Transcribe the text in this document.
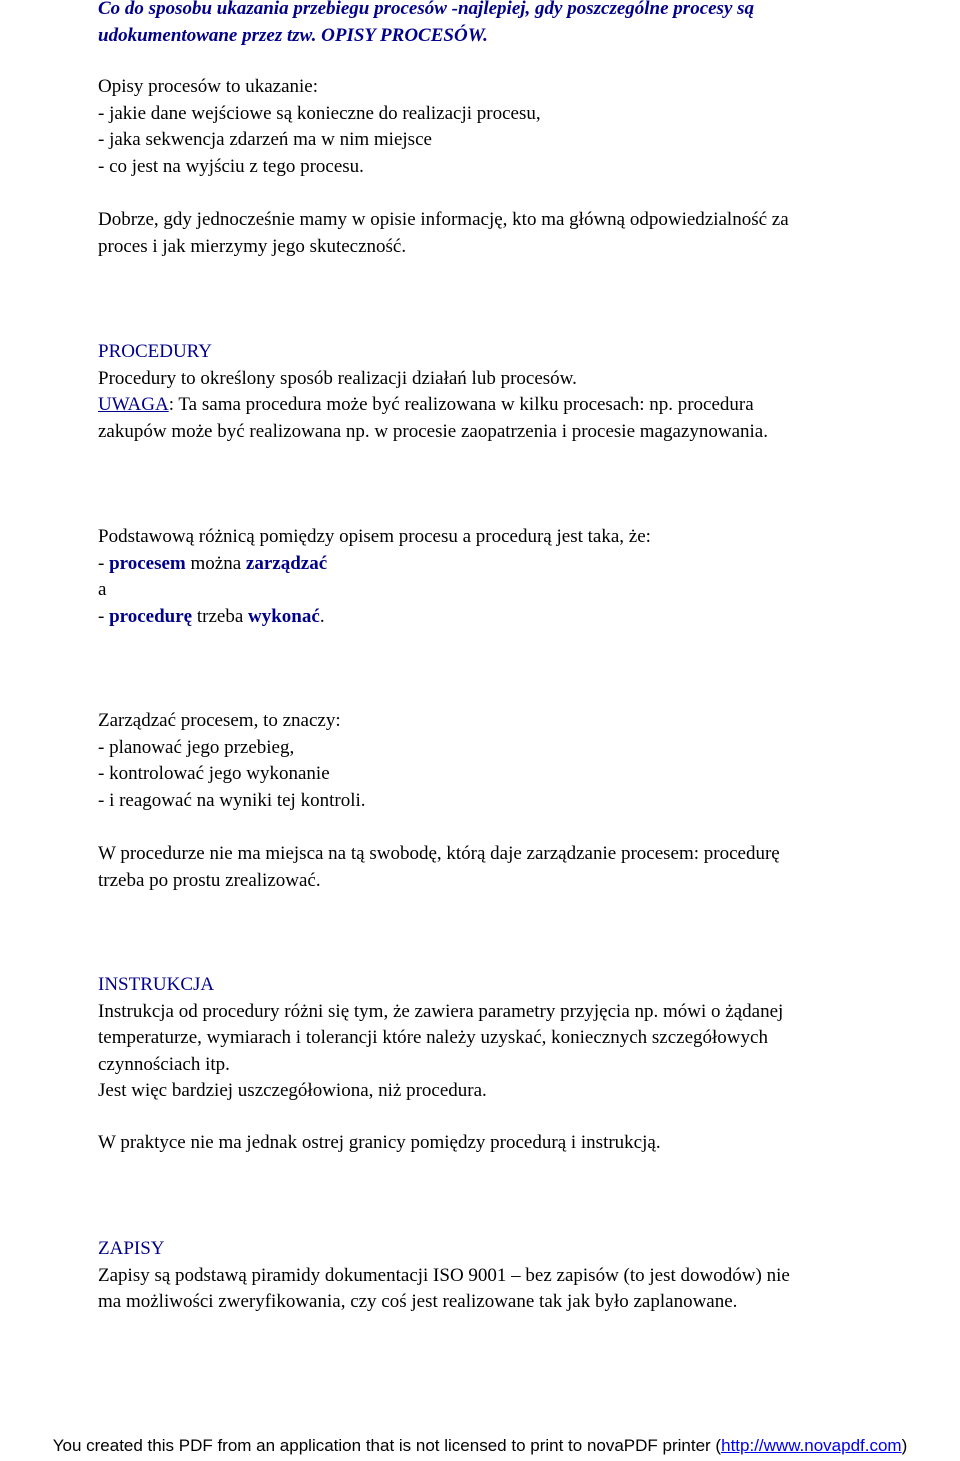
Co do sposobu ukazania przebiegu procesów -najlepiej, gdy poszczególne procesy są
udokumentowane przez tzw. OPISY PROCESÓW.
Opisy procesów to ukazanie:
- jakie dane wejściowe są konieczne do realizacji procesu,
- jaka sekwencja zdarzeń ma w nim miejsce
- co jest na wyjściu z tego procesu.
Dobrze, gdy jednocześnie mamy w opisie informację, kto ma główną odpowiedzialność za
proces i jak mierzymy jego skuteczność.
PROCEDURY
Procedury to określony sposób realizacji działań lub procesów.
UWAGA: Ta sama procedura może być realizowana w kilku procesach: np. procedura
zakupów może być realizowana np. w procesie zaopatrzenia i procesie magazynowania.
Podstawową różnicą pomiędzy opisem procesu a procedurą jest taka, że:
- procesem można zarządzać
a
- procedurę trzeba wykonać.
Zarządzać procesem, to znaczy:
- planować jego przebieg,
- kontrolować jego wykonanie
- i reagować na wyniki tej kontroli.
W procedurze nie ma miejsca na tą swobodę, którą daje zarządzanie procesem: procedurę
trzeba po prostu zrealizować.
INSTRUKCJA
Instrukcja od procedury różni się tym, że zawiera parametry przyjęcia np. mówi o żądanej
temperaturze, wymiarach i tolerancji które należy uzyskać, koniecznych szczegółowych
czynnościach itp.
Jest więc bardziej uszczegółowiona, niż procedura.
W praktyce nie ma jednak ostrej granicy pomiędzy procedurą i instrukcją.
ZAPISY
Zapisy są podstawą piramidy dokumentacji ISO 9001 – bez zapisów (to jest dowodów) nie
ma możliwości zweryfikowania, czy coś jest realizowane tak jak było zaplanowane.
You created this PDF from an application that is not licensed to print to novaPDF printer (http://www.novapdf.com)
